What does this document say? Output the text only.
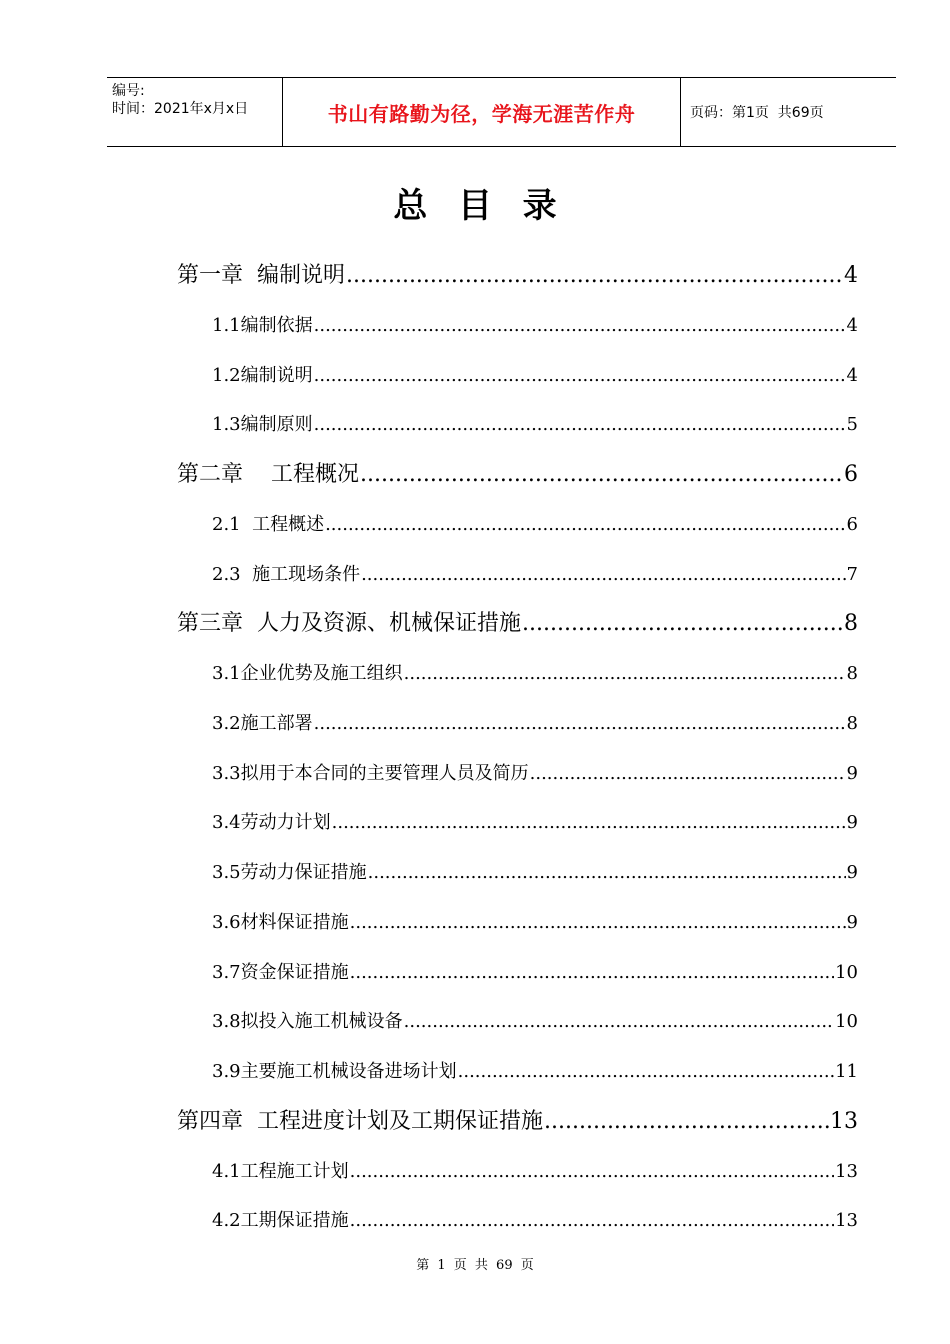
编号:
时间：2021年x月x日	书山有路勤为径，学海无涯苦作舟	页码：第1页  共69页
总目录
第一章  编制说明 .....	4
1.1编制依据 .....	4
1.2编制说明 .....	4
1.3编制原则 .....	5
第二章    工程概况 .....	6
2.1  工程概述 .....	6
2.3  施工现场条件 .....	7
第三章  人力及资源、机械保证措施 .....	8
3.1企业优势及施工组织 .....	8
3.2施工部署 .....	8
3.3拟用于本合同的主要管理人员及简历 .....	9
3.4劳动力计划 .....	9
3.5劳动力保证措施 .....	9
3.6材料保证措施 .....	9
3.7资金保证措施 .....	10
3.8拟投入施工机械设备 .....	10
3.9主要施工机械设备进场计划 .....	11
第四章  工程进度计划及工期保证措施 .....	13
4.1工程施工计划 .....	13
4.2工期保证措施 .....	13
第 1 页 共 69 页
